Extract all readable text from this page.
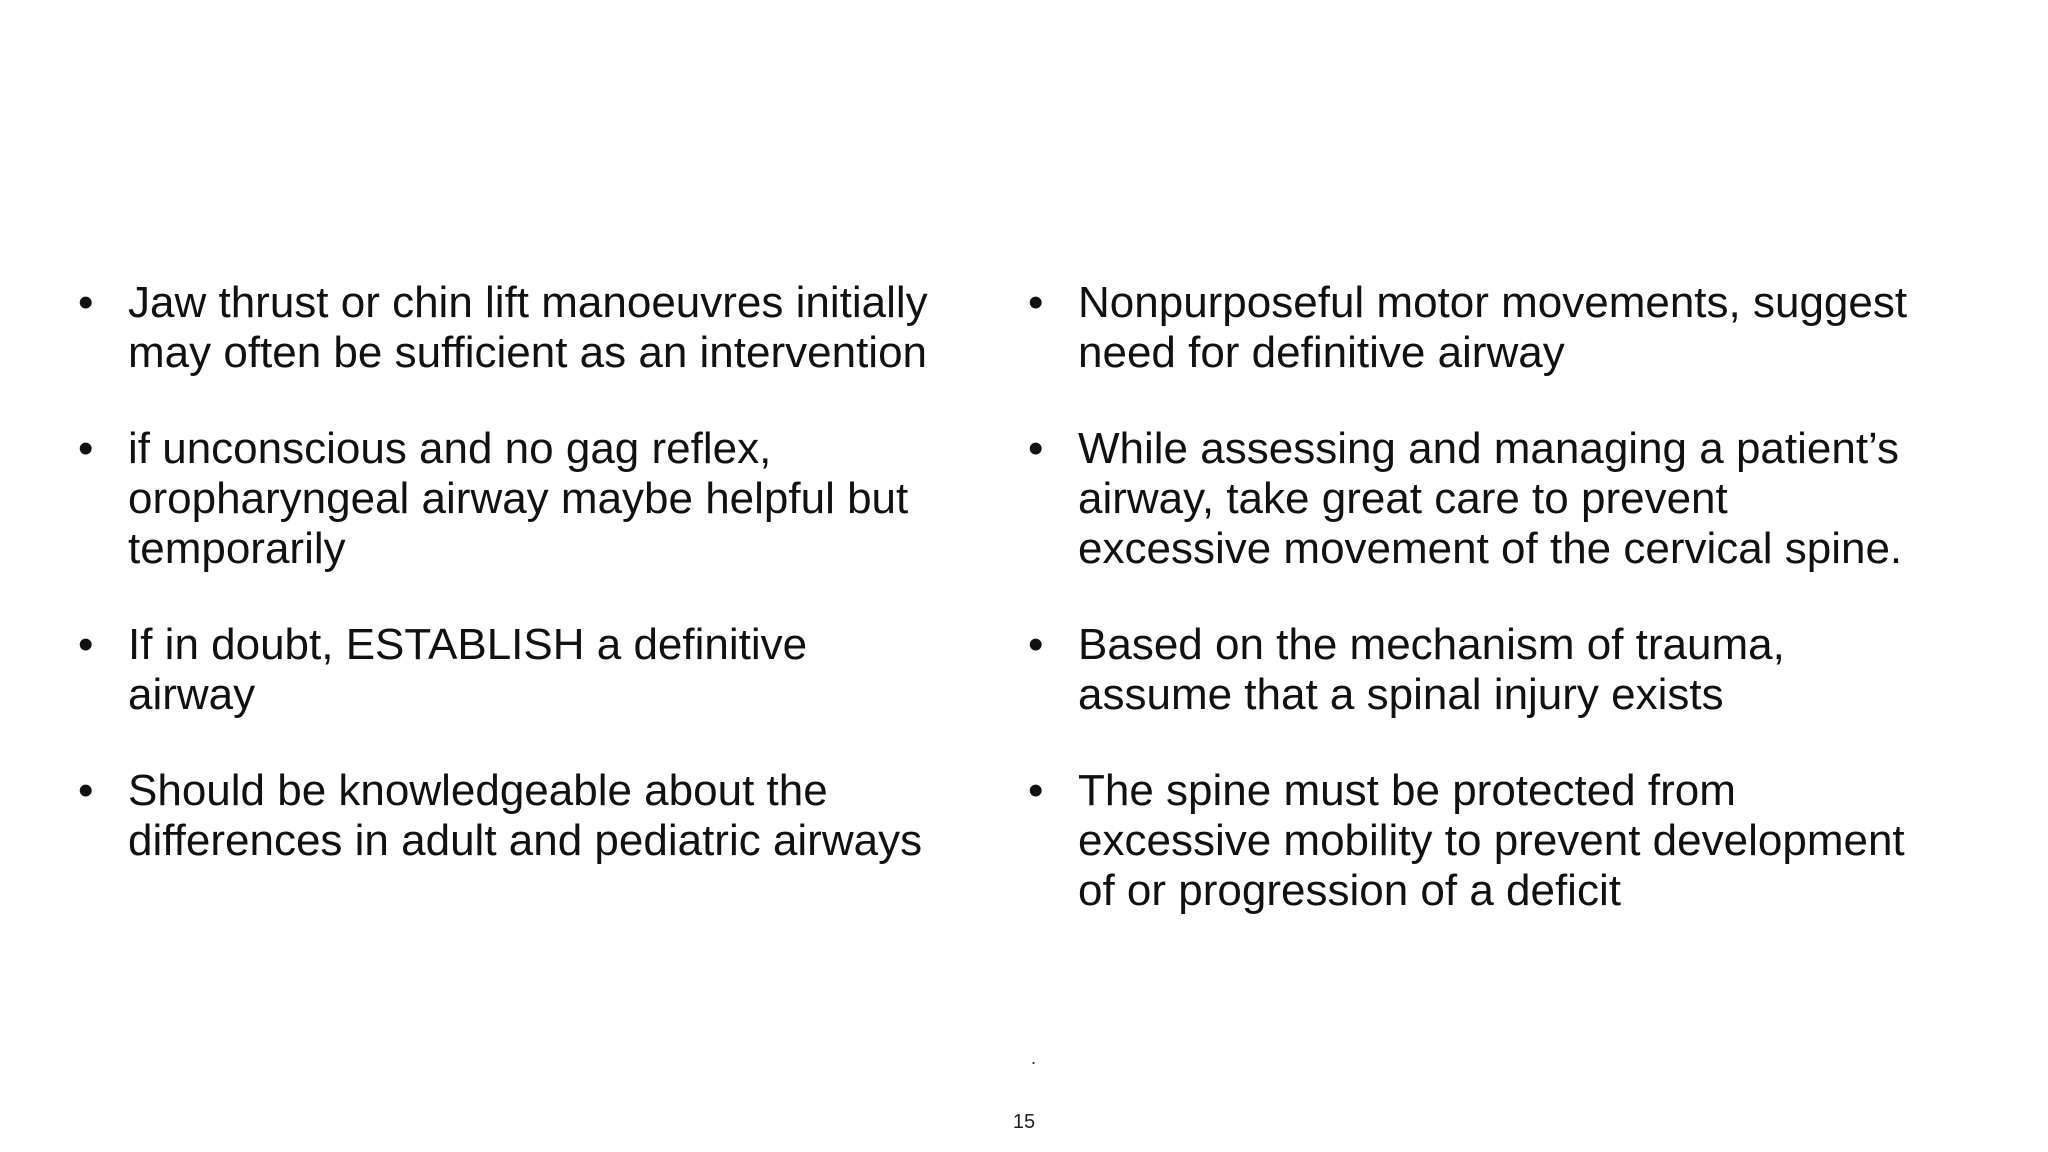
• Jaw thrust or chin lift manoeuvres initially may often be sufficient as an intervention
• if unconscious and no gag reflex, oropharyngeal airway maybe helpful but temporarily
• If in doubt, ESTABLISH a definitive airway
• Should be knowledgeable about the differences in adult and pediatric airways
• Nonpurposeful motor movements, suggest need for definitive airway
• While assessing and managing a patient’s airway, take great care to prevent excessive movement of the cervical spine.
• Based on the mechanism of trauma, assume that a spinal injury exists
• The spine must be protected from excessive mobility to prevent development of or progression of a deficit
.
15
